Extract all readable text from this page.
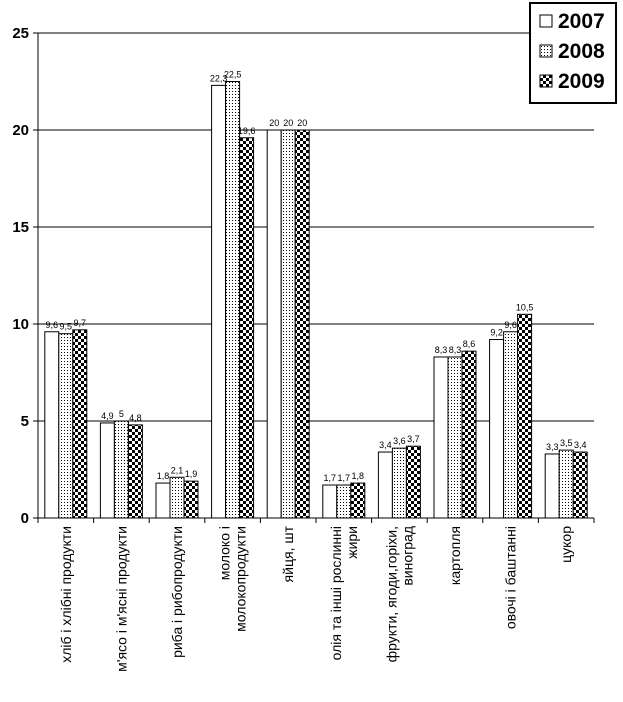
0
5
10
15
20
25
9,6 9,5 9,7
4,9 5 4,8
1,8
2,1 1,9
22,3
22,5
19,6
20 20 20
1,7 1,7 1,8
3,4 3,6 3,7
8,3 8,3
8,6
9,2
9,6
10,5
3,3 3,5 3,4
хліб і хлібні продукти	м'ясо і м'ясні продукти	риба і рибопродукти молоко і молокопродукти яйця, шт олія та інші рослинні жири фрукти, ягоди,горіхи, виноград картопля	овочі і баштанні	цукор
2007
2008
2009
